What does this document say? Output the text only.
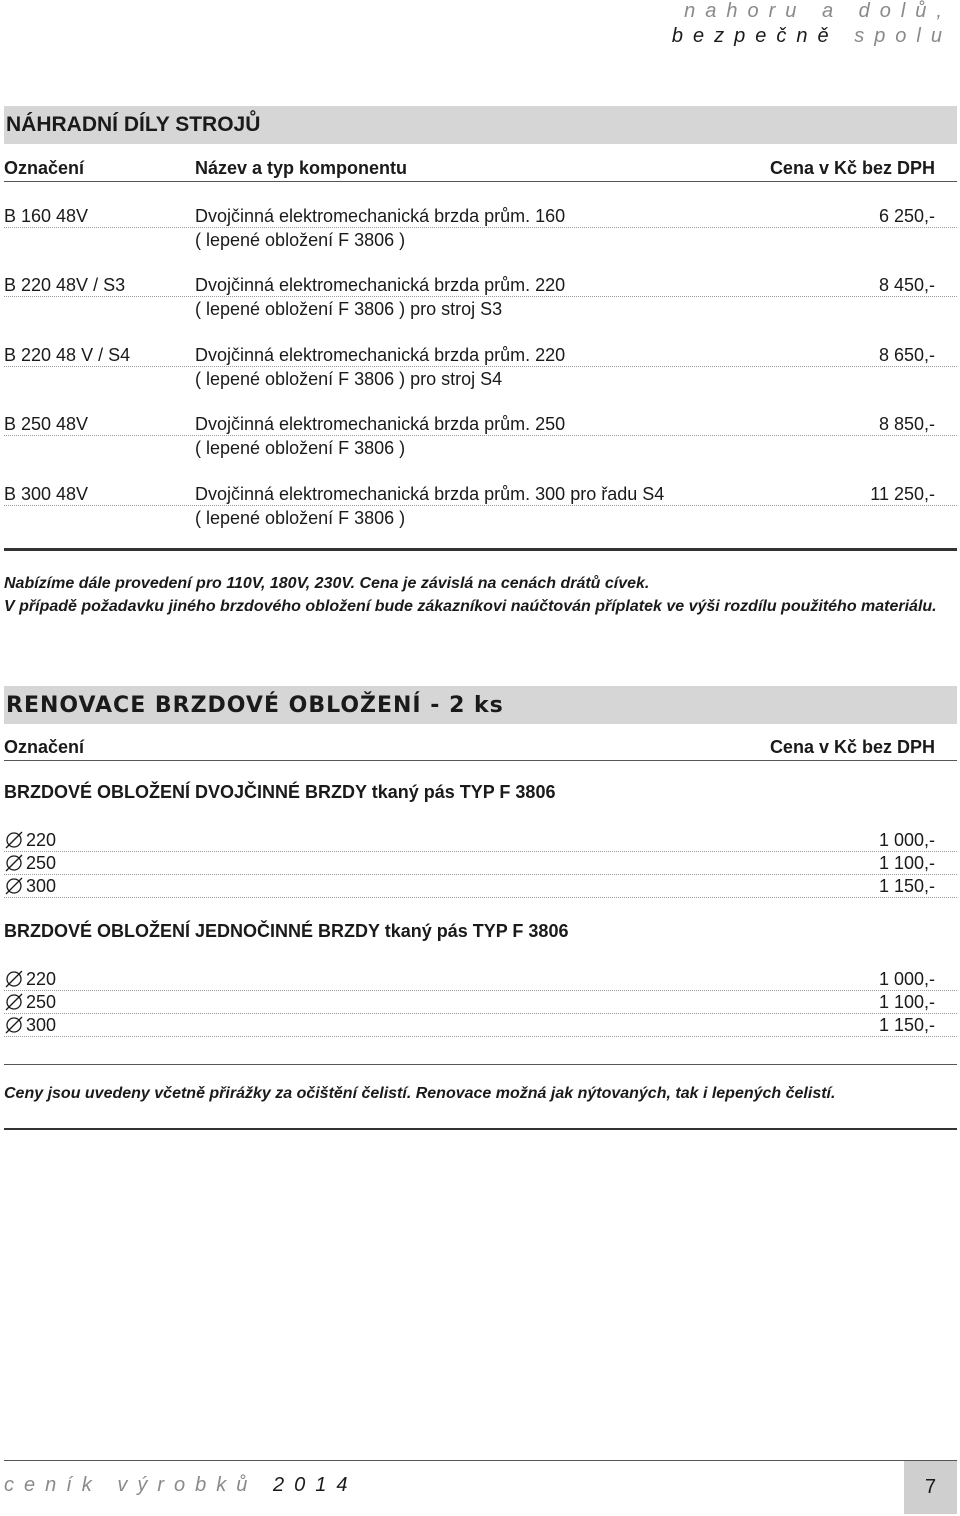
nahoru a dolů,
bezpečně spolu
NÁHRADNÍ DÍLY STROJŮ
Označení	Název a typ komponentu	Cena v Kč bez DPH
B 160 48V	Dvojčinná elektromechanická brzda prům. 160	6 250,-
( lepené obložení F 3806 )
B 220 48V / S3	Dvojčinná elektromechanická brzda prům. 220	8 450,-
( lepené obložení F 3806 ) pro stroj S3
B 220 48 V / S4	Dvojčinná elektromechanická brzda prům. 220	8 650,-
( lepené obložení F 3806 ) pro stroj S4
B 250 48V	Dvojčinná elektromechanická brzda prům. 250	8 850,-
( lepené obložení F 3806 )
B 300 48V	Dvojčinná elektromechanická brzda prům. 300 pro řadu S4	11 250,-
( lepené obložení F 3806 )
Nabízíme dále provedení pro 110V, 180V, 230V. Cena je závislá na cenách drátů cívek.
V případě požadavku jiného brzdového obložení bude zákazníkovi naúčtován příplatek ve výši rozdílu použitého materiálu.
RENOVACE BRZDOVÉ OBLOŽENÍ - 2 ks
Označení	Cena v Kč bez DPH
BRZDOVÉ OBLOŽENÍ DVOJČINNÉ BRZDY tkaný pás TYP F 3806
220	1 000,-
250	1 100,-
300	1 150,-
BRZDOVÉ OBLOŽENÍ JEDNOČINNÉ BRZDY tkaný pás TYP F 3806
220	1 000,-
250	1 100,-
300	1 150,-
Ceny jsou uvedeny včetně přirážky za očištění čelistí. Renovace možná jak nýtovaných, tak i lepených čelistí.
ceník výrobků 2014	7
